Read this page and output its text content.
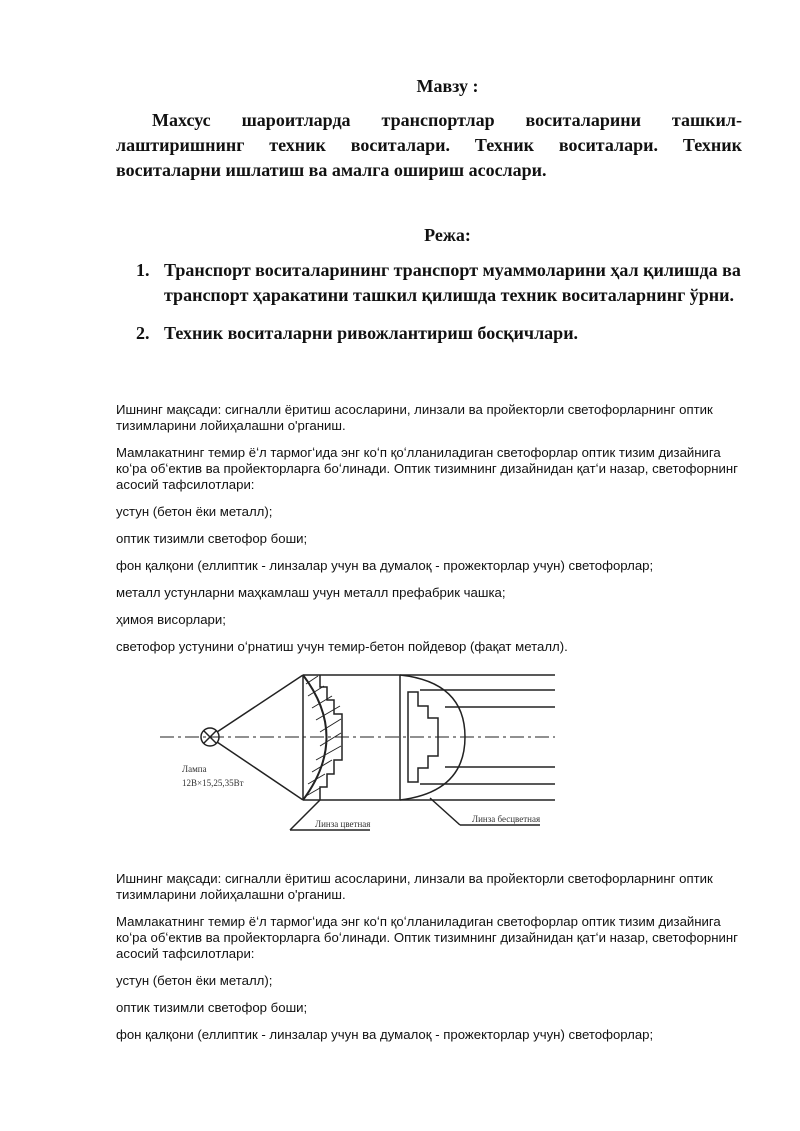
Мавзу :
Махсус шароитларда транспортлар воситаларини ташкил-лаштиришнинг техник воситалари. Техник воситалари. Техник воситаларни ишлатиш ва амалга ошириш асослари.
Режа:
1. Транспорт воситаларининг транспорт муаммоларини ҳал қилишда ва транспорт ҳаракатини ташкил қилишда техник воситаларнинг ўрни.
2. Техник воситаларни ривожлантириш босқичлари.

Ишнинг мақсади: сигналли ёритиш асосларини, линзали ва пройекторли светофорларнинг оптик тизимларини лойиҳалашни o'рганиш.

Мамлакатнинг темир ёʻл тармогʻида энг коʻп қоʻлланиладиган светофорлар оптик тизим дизайнига коʻра обʻектив ва пройекторларга боʻлинади. Оптик тизимнинг дизайнидан қатʻи назар, светофорнинг асосий тафсилотлари:

устун (бетон ёки металл);

оптик тизимли светофор боши;

фон қалқони (еллиптик - линзалар учун ва думалоқ - прожекторлар учун) светофорлар;

металл устунларни маҳкамлаш учун металл префабрик чашка;

ҳимоя висорлари;

светофор устунини oʻрнатиш учун темир-бетон пойдевор (фақат металл).

Лампа
12В×15,25,35Вт
Линза цветная	Линза бесцветная

Ишнинг мақсади: сигналли ёритиш асосларини, линзали ва пройекторли светофорларнинг оптик тизимларини лойиҳалашни o'рганиш.

Мамлакатнинг темир ёʻл тармогʻида энг коʻп қоʻлланиладиган светофорлар оптик тизим дизайнига коʻра обʻектив ва пройекторларга боʻлинади. Оптик тизимнинг дизайнидан қатʻи назар, светофорнинг асосий тафсилотлари:

устун (бетон ёки металл);

оптик тизимли светофор боши;

фон қалқони (еллиптик - линзалар учун ва думалоқ - прожекторлар учун) светофорлар;
